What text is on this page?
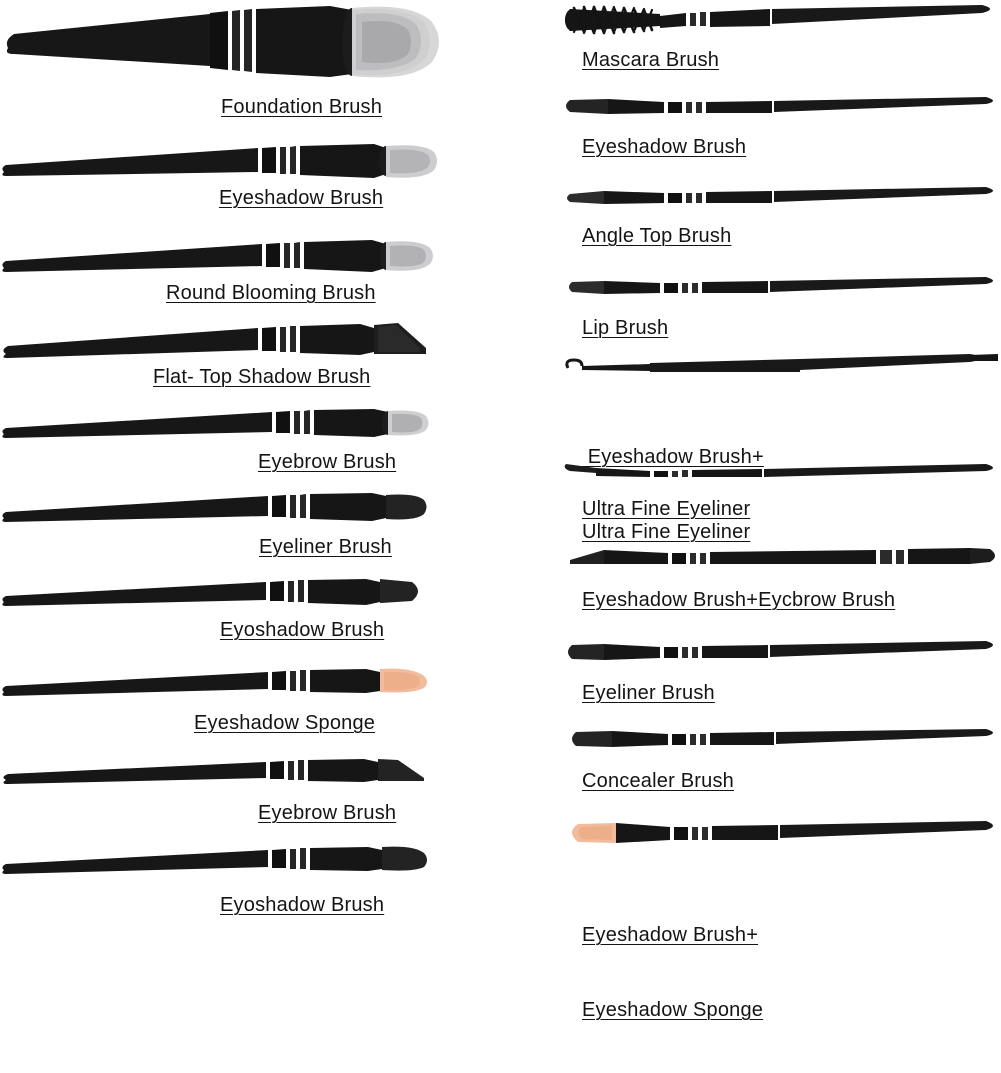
Foundation Brush
Eyeshadow Brush
Round Blooming Brush
Flat- Top Shadow Brush
Eyebrow Brush
Eyeliner Brush
Eyoshadow Brush
Eyeshadow Sponge
Eyebrow Brush
Eyoshadow Brush
Mascara Brush
Eyeshadow Brush
Angle Top Brush
Lip Brush

Eyeshadow Brush+

Ultra Fine Eyeliner

Ultra Fine Eyeliner
Eyeshadow Brush+Eycbrow Brush
Eyeliner Brush
Concealer Brush

Eyeshadow Brush+

Eyeshadow Sponge
